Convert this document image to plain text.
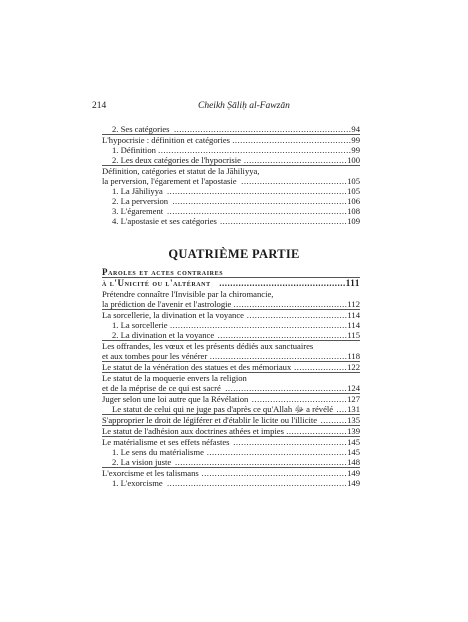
214	Cheikh Ṣāliḥ al-Fawzān
2. Ses catégories ...................................................................94
L'hypocrisie : définition et catégories .............................................99
1. Définition .........................................................................99
2. Les deux catégories de l'hypocrisie .......................................100
Définition, catégories et statut de la Jāhiliyya,
la perversion, l'égarement et l'apostasie ........................................105
1. La Jāhiliyya ....................................................................105
2. La perversion ..................................................................106
3. L'égarement ....................................................................108
4. L'apostasie et ses catégories ................................................109
QUATRIÈME PARTIE
Paroles et actes contraires
à l'Unicité ou l'altérant ..............................................111
Prétendre connaître l'Invisible par la chiromancie,
la prédiction de l'avenir et l'astrologie ...........................................112
La sorcellerie, la divination et la voyance ......................................114
1. La sorcellerie ...................................................................114
2. La divination et la voyance .................................................115
Les offrandes, les vœux et les présents dédiés aux sanctuaires
et aux tombes pour les vénérer ....................................................118
Le statut de la vénération des statues et des mémoriaux ....................122
Le statut de la moquerie envers la religion
et de la méprise de ce qui est sacré ..............................................124
Juger selon une loi autre que la Révélation ....................................127
Le statut de celui qui ne juge pas d'après ce qu'Allah ﷻ a révélé ....131
S'approprier le droit de légiférer et d'établir le licite ou l'illicite ..........135
Le statut de l'adhésion aux doctrines athées et impies .......................139
Le matérialisme et ses effets néfastes ...........................................145
1. Le sens du matérialisme .....................................................145
2. La vision juste .................................................................148
L'exorcisme et les talismans .......................................................149
1. L'exorcisme ....................................................................149
